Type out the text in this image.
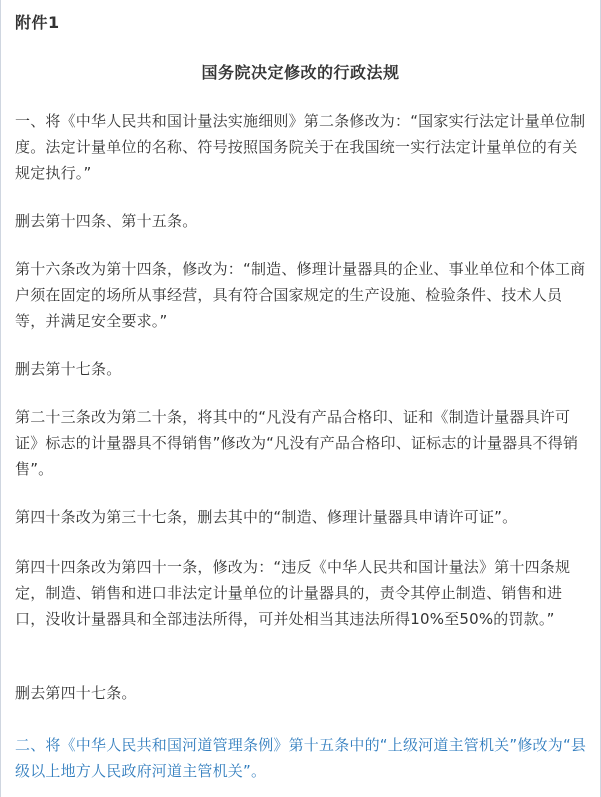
附件1
国务院决定修改的行政法规

一、将《中华人民共和国计量法实施细则》第二条修改为：“国家实行法定计量单位制度。法定计量单位的名称、符号按照国务院关于在我国统一实行法定计量单位的有关规定执行。”

删去第十四条、第十五条。

第十六条改为第十四条，修改为：“制造、修理计量器具的企业、事业单位和个体工商户须在固定的场所从事经营，具有符合国家规定的生产设施、检验条件、技术人员等，并满足安全要求。”

删去第十七条。

第二十三条改为第二十条，将其中的“凡没有产品合格印、证和《制造计量器具许可证》标志的计量器具不得销售”修改为“凡没有产品合格印、证标志的计量器具不得销售”。

第四十条改为第三十七条，删去其中的“制造、修理计量器具申请许可证”。

第四十四条改为第四十一条，修改为：“违反《中华人民共和国计量法》第十四条规定，制造、销售和进口非法定计量单位的计量器具的，责令其停止制造、销售和进口，没收计量器具和全部违法所得，可并处相当其违法所得10%至50%的罚款。”

删去第四十七条。

二、将《中华人民共和国河道管理条例》第十五条中的“上级河道主管机关”修改为“县级以上地方人民政府河道主管机关”。
